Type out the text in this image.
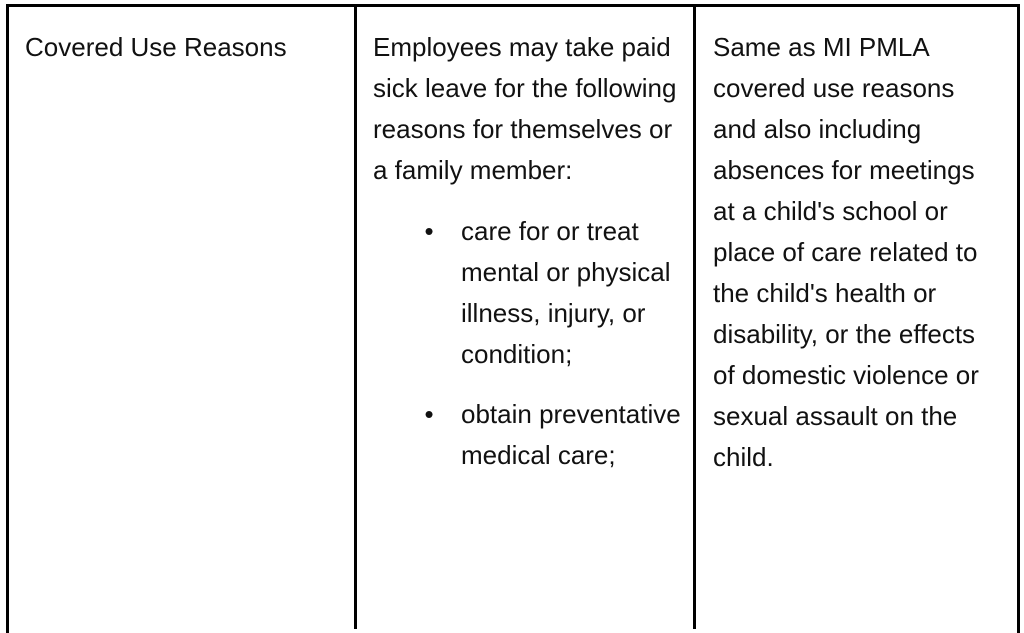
Covered Use Reasons	Employees may take paid sick leave for the following reasons for themselves or a family member:

• care for or treat mental or physical illness, injury, or condition;
• obtain preventative medical care;

Same as MI PMLA covered use reasons and also including absences for meetings at a child's school or place of care related to the child's health or disability, or the effects of domestic violence or sexual assault on the child.
